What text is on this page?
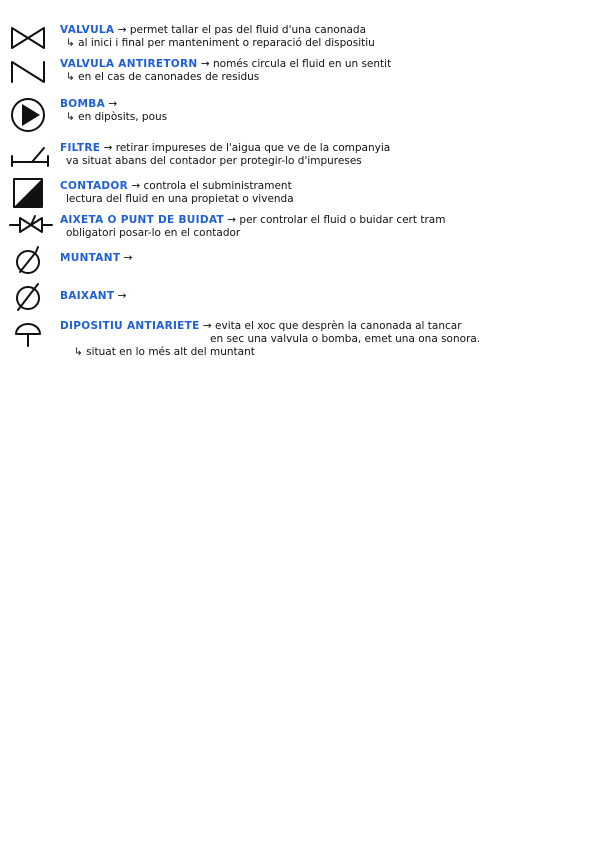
VALVULA → permet tallar el pas del fluid d'una canonada
↳ al inici i final per manteniment o reparació del dispositiu
VALVULA ANTIRETORN → només circula el fluid en un sentit
↳ en el cas de canonades de residus
BOMBA →
↳ en dipòsits, pous
FILTRE → retirar impureses de l'aigua que ve de la companyia
va situat abans del contador per protegir-lo d'impureses
CONTADOR → controla el subministrament
lectura del fluid en una propietat o vivenda
AIXETA O PUNT DE BUIDAT → per controlar el fluid o buidar cert tram
obligatori posar-lo en el contador
MUNTANT →
BAIXANT →
DIPOSITIU ANTIARIETE → evita el xoc que desprèn la canonada al tancar
en sec una valvula o bomba, emet una ona sonora.
↳ situat en lo més alt del muntant
